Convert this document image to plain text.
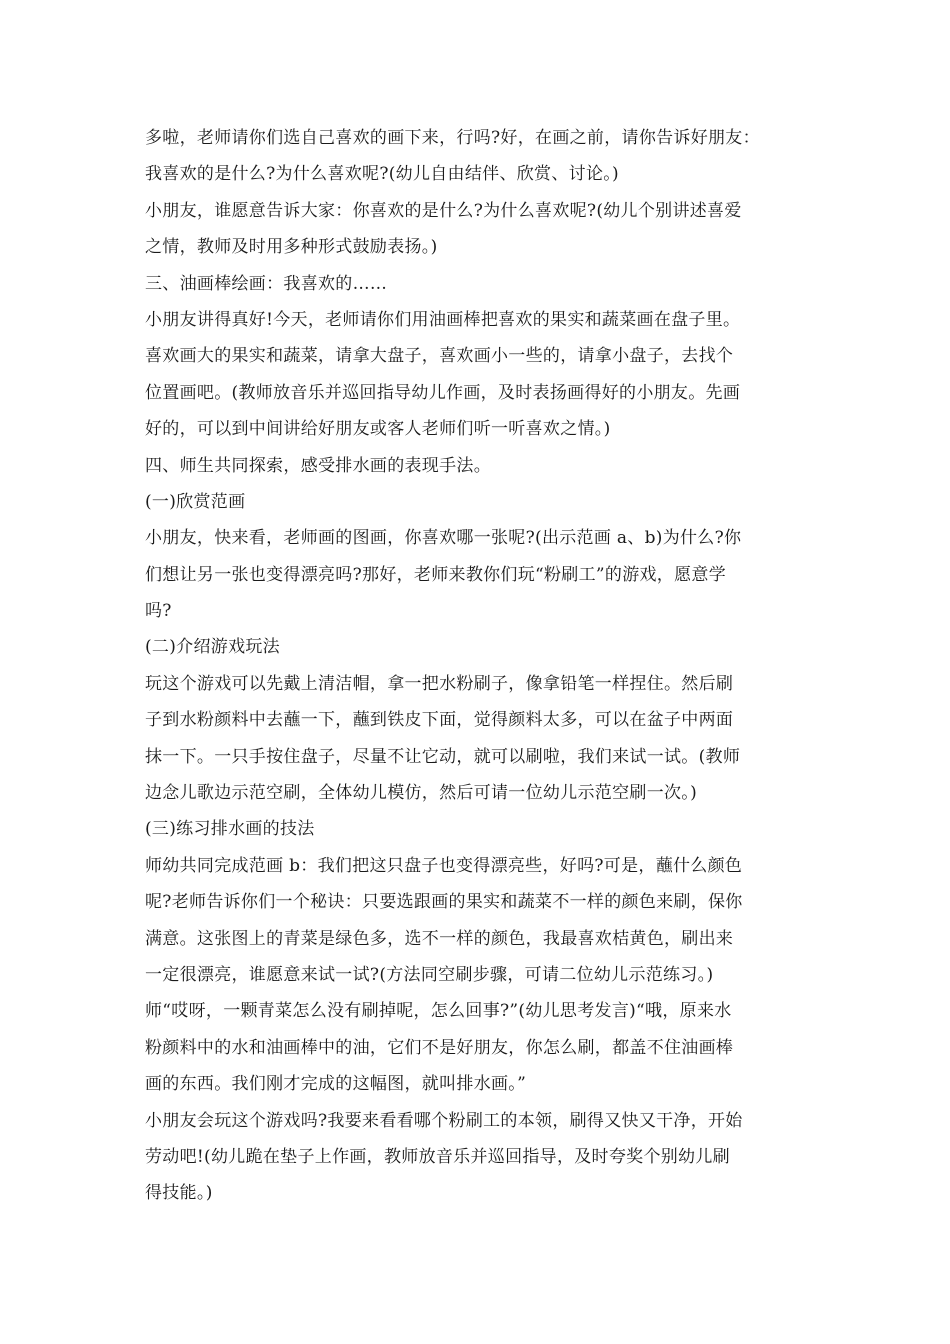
多啦，老师请你们选自己喜欢的画下来，行吗?好，在画之前，请你告诉好朋友：
我喜欢的是什么?为什么喜欢呢?(幼儿自由结伴、欣赏、讨论。)
小朋友，谁愿意告诉大家：你喜欢的是什么?为什么喜欢呢?(幼儿个别讲述喜爱
之情，教师及时用多种形式鼓励表扬。)
三、油画棒绘画：我喜欢的……
小朋友讲得真好!今天，老师请你们用油画棒把喜欢的果实和蔬菜画在盘子里。
喜欢画大的果实和蔬菜，请拿大盘子，喜欢画小一些的，请拿小盘子，去找个
位置画吧。(教师放音乐并巡回指导幼儿作画，及时表扬画得好的小朋友。先画
好的，可以到中间讲给好朋友或客人老师们听一听喜欢之情。)
四、师生共同探索，感受排水画的表现手法。
(一)欣赏范画
小朋友，快来看，老师画的图画，你喜欢哪一张呢?(出示范画 a、b)为什么?你
们想让另一张也变得漂亮吗?那好，老师来教你们玩“粉刷工”的游戏，愿意学
吗?
(二)介绍游戏玩法
玩这个游戏可以先戴上清洁帽，拿一把水粉刷子，像拿铅笔一样捏住。然后刷
子到水粉颜料中去蘸一下，蘸到铁皮下面，觉得颜料太多，可以在盆子中两面
抹一下。一只手按住盘子，尽量不让它动，就可以刷啦，我们来试一试。(教师
边念儿歌边示范空刷，全体幼儿模仿，然后可请一位幼儿示范空刷一次。)
(三)练习排水画的技法
师幼共同完成范画 b：我们把这只盘子也变得漂亮些，好吗?可是，蘸什么颜色
呢?老师告诉你们一个秘诀：只要选跟画的果实和蔬菜不一样的颜色来刷，保你
满意。这张图上的青菜是绿色多，选不一样的颜色，我最喜欢桔黄色，刷出来
一定很漂亮，谁愿意来试一试?(方法同空刷步骤，可请二位幼儿示范练习。)
师“哎呀，一颗青菜怎么没有刷掉呢，怎么回事?”(幼儿思考发言)“哦，原来水
粉颜料中的水和油画棒中的油，它们不是好朋友，你怎么刷，都盖不住油画棒
画的东西。我们刚才完成的这幅图，就叫排水画。”
小朋友会玩这个游戏吗?我要来看看哪个粉刷工的本领，刷得又快又干净，开始
劳动吧!(幼儿跪在垫子上作画，教师放音乐并巡回指导，及时夸奖个别幼儿刷
得技能。)
